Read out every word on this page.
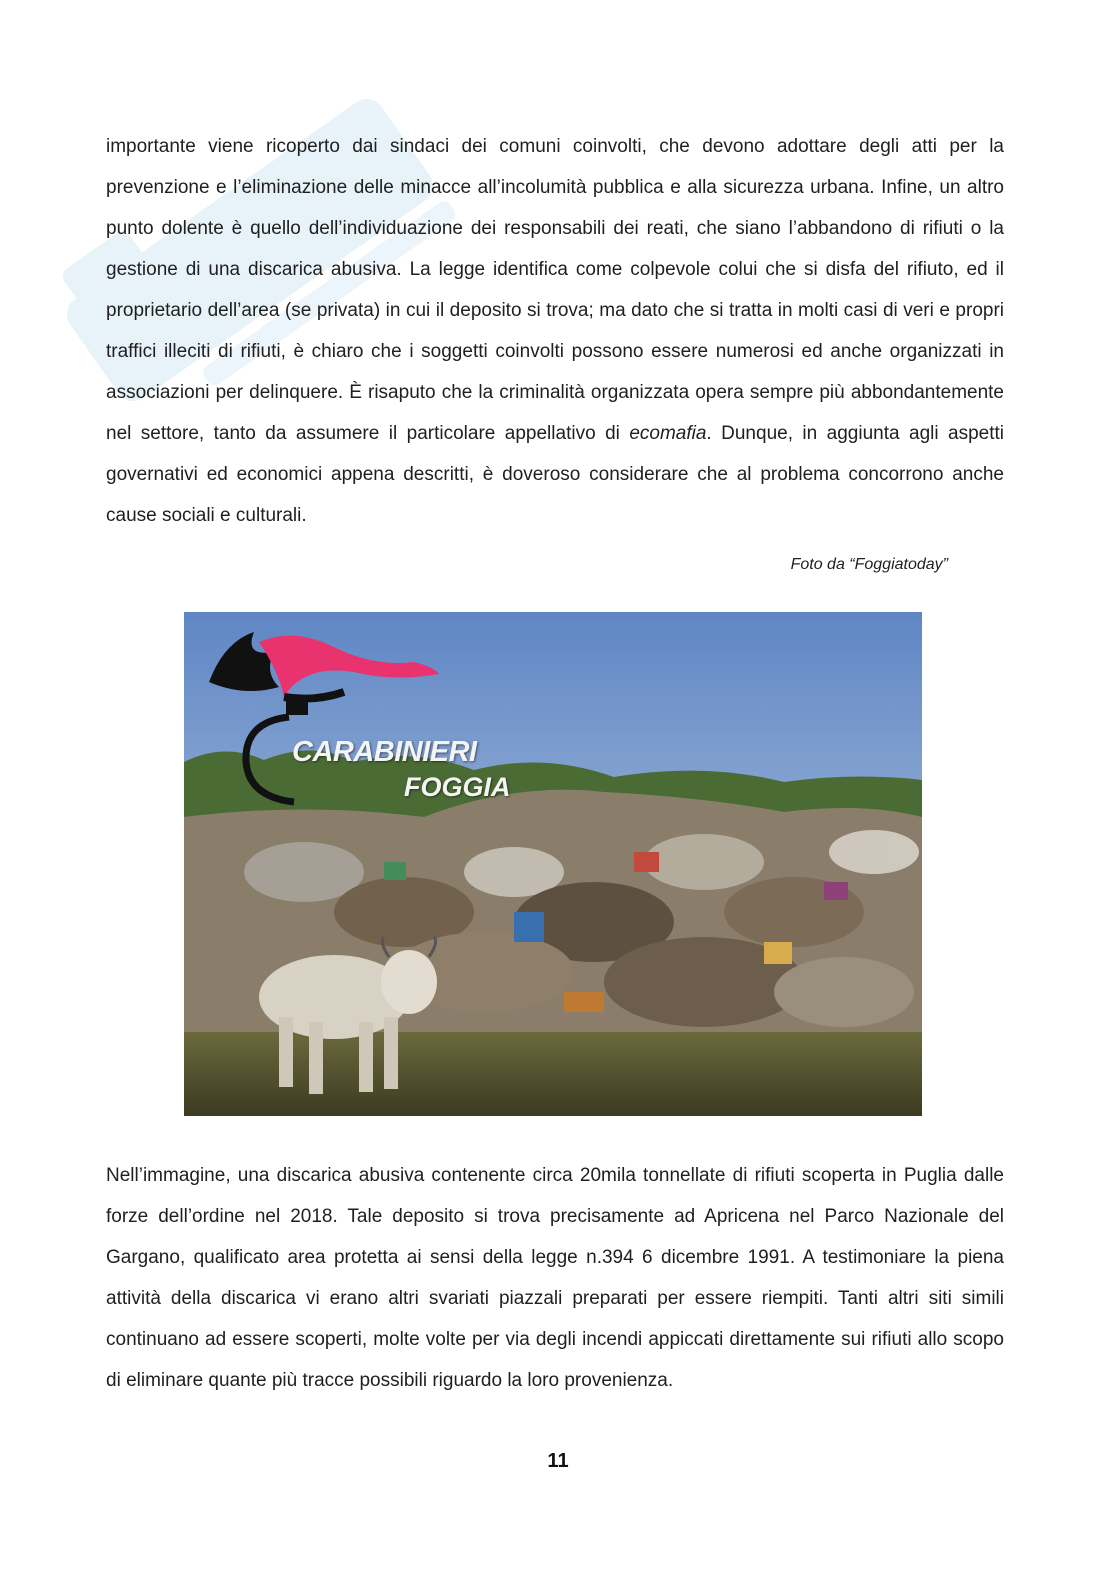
importante viene ricoperto dai sindaci dei comuni coinvolti, che devono adottare degli atti per la prevenzione e l’eliminazione delle minacce all’incolumità pubblica e alla sicurezza urbana. Infine, un altro punto dolente è quello dell’individuazione dei responsabili dei reati, che siano l’abbandono di rifiuti o la gestione di una discarica abusiva. La legge identifica come colpevole colui che si disfa del rifiuto, ed il proprietario dell’area (se privata) in cui il deposito si trova; ma dato che si tratta in molti casi di veri e propri traffici illeciti di rifiuti, è chiaro che i soggetti coinvolti possono essere numerosi ed anche organizzati in associazioni per delinquere. È risaputo che la criminalità organizzata opera sempre più abbondantemente nel settore, tanto da assumere il particolare appellativo di ecomafia. Dunque, in aggiunta agli aspetti governativi ed economici appena descritti, è doveroso considerare che al problema concorrono anche cause sociali e culturali.

Foto da “Foggiatoday”
CARABINIERI
FOGGIA

Nell’immagine, una discarica abusiva contenente circa 20mila tonnellate di rifiuti scoperta in Puglia dalle forze dell’ordine nel 2018. Tale deposito si trova precisamente ad Apricena nel Parco Nazionale del Gargano, qualificato area protetta ai sensi della legge n.394 6 dicembre 1991. A testimoniare la piena attività della discarica vi erano altri svariati piazzali preparati per essere riempiti. Tanti altri siti simili continuano ad essere scoperti, molte volte per via degli incendi appiccati direttamente sui rifiuti allo scopo di eliminare quante più tracce possibili riguardo la loro provenienza.

11
